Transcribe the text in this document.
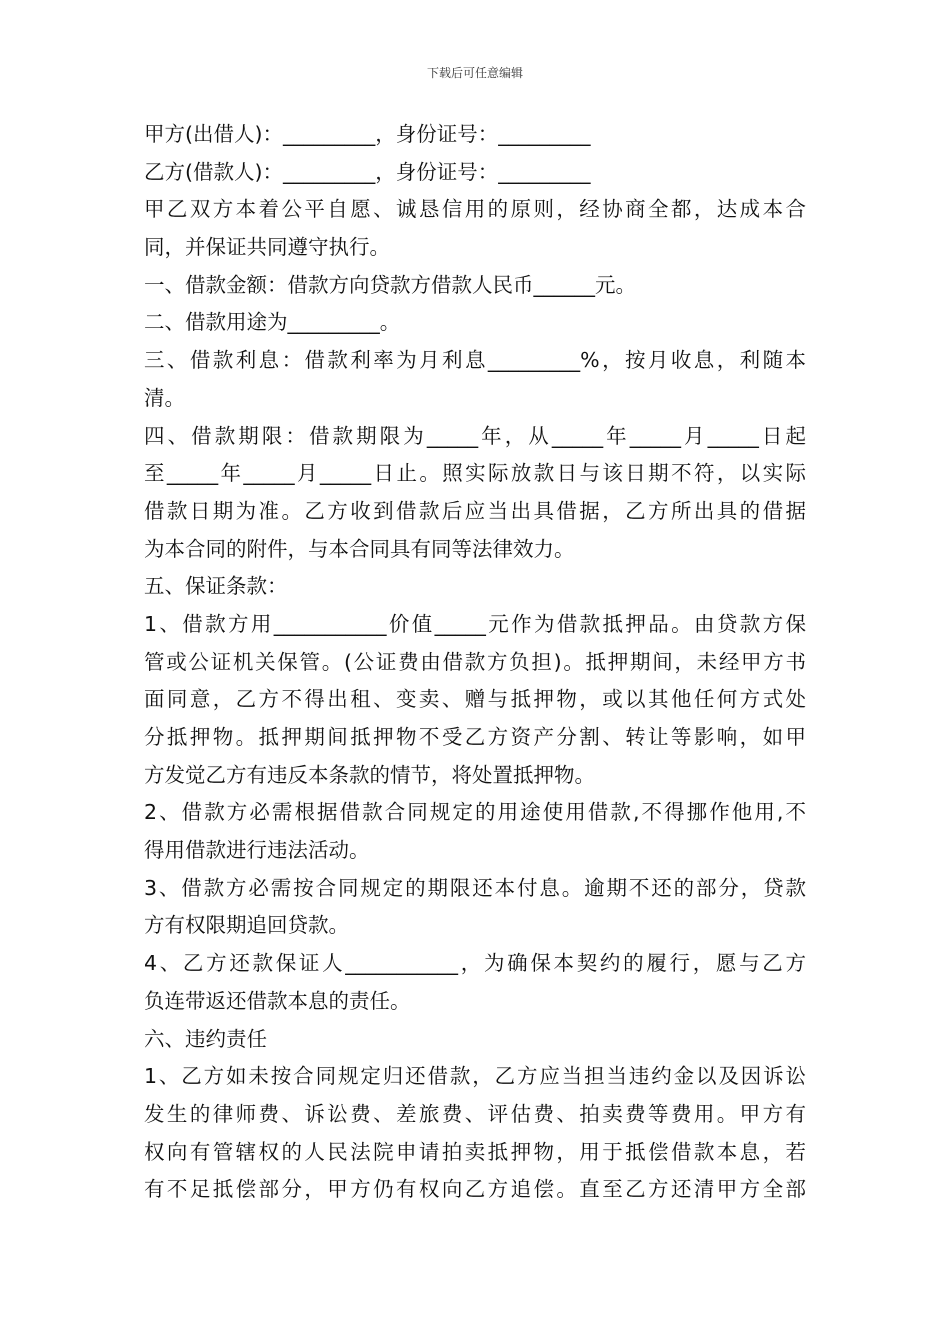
下载后可任意编辑
甲方(出借人)：_________，身份证号：_________
乙方(借款人)：_________，身份证号：_________
甲乙双方本着公平自愿、诚恳信用的原则，经协商全都，达成本合
同，并保证共同遵守执行。
一、借款金额：借款方向贷款方借款人民币______元。
二、借款用途为_________。
三、借款利息：借款利率为月利息_________%，按月收息，利随本
清。
四、借款期限：借款期限为_____年，从_____年_____月_____日起
至_____年_____月_____日止。照实际放款日与该日期不符，以实际
借款日期为准。乙方收到借款后应当出具借据，乙方所出具的借据
为本合同的附件，与本合同具有同等法律效力。
五、保证条款：
1、借款方用___________价值_____元作为借款抵押品。由贷款方保
管或公证机关保管。(公证费由借款方负担)。抵押期间，未经甲方书
面同意，乙方不得出租、变卖、赠与抵押物，或以其他任何方式处
分抵押物。抵押期间抵押物不受乙方资产分割、转让等影响，如甲
方发觉乙方有违反本条款的情节，将处置抵押物。
2、借款方必需根据借款合同规定的用途使用借款,不得挪作他用,不
得用借款进行违法活动。
3、借款方必需按合同规定的期限还本付息。逾期不还的部分，贷款
方有权限期追回贷款。
4、乙方还款保证人___________，为确保本契约的履行，愿与乙方
负连带返还借款本息的责任。
六、违约责任
1、乙方如未按合同规定归还借款，乙方应当担当违约金以及因诉讼
发生的律师费、诉讼费、差旅费、评估费、拍卖费等费用。甲方有
权向有管辖权的人民法院申请拍卖抵押物，用于抵偿借款本息，若
有不足抵偿部分，甲方仍有权向乙方追偿。直至乙方还清甲方全部
